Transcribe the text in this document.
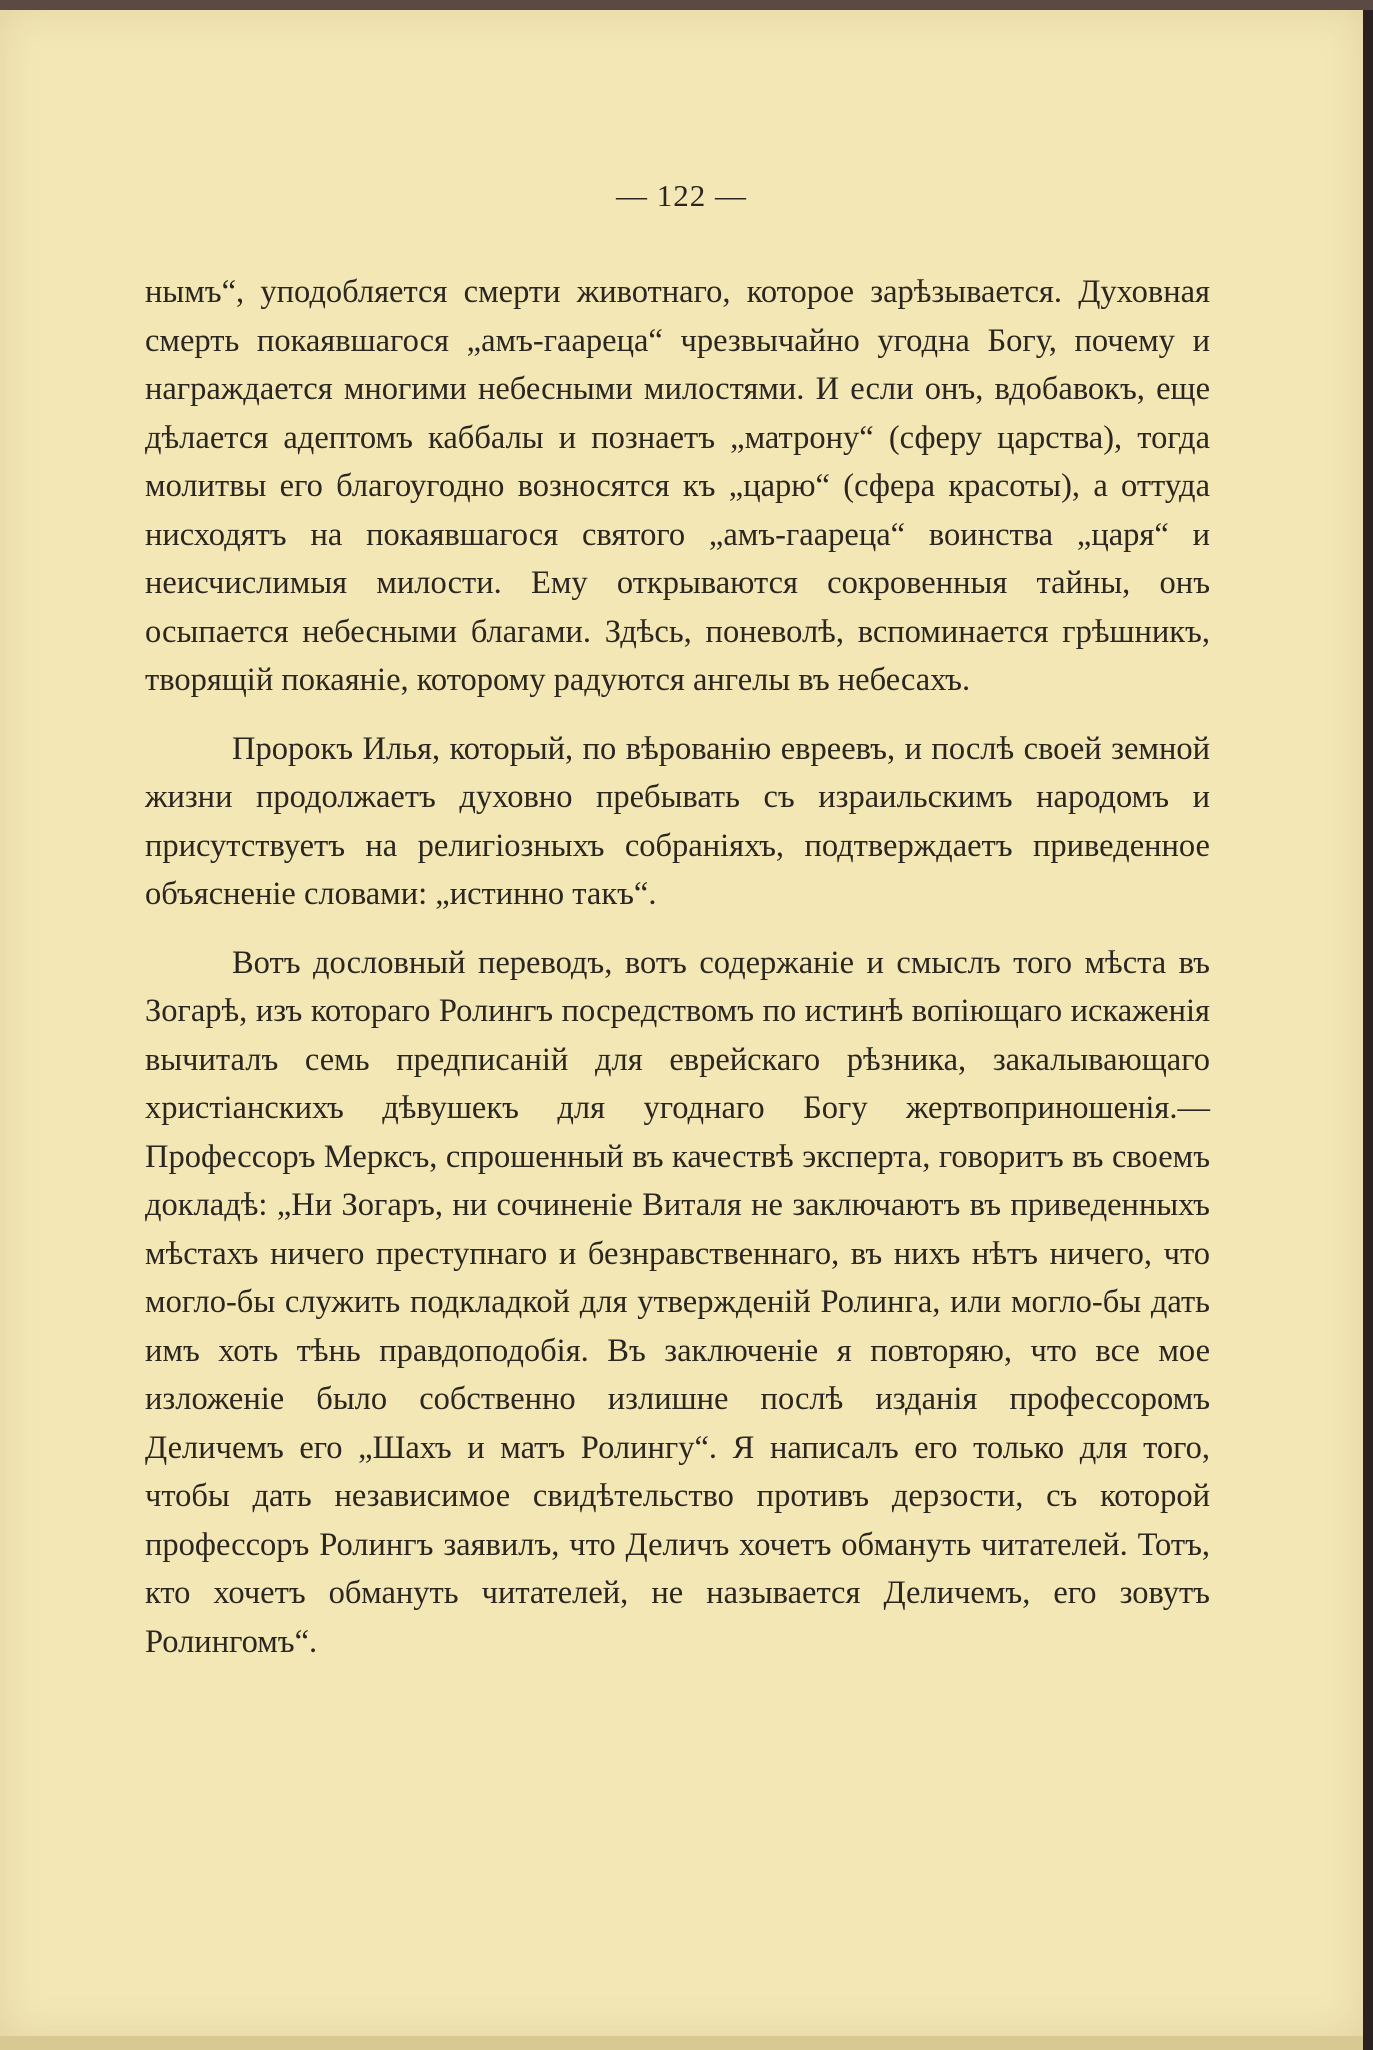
— 122 —

нымъ“, уподобляется смерти животнаго, которое зарѣзывается. Духовная смерть покаявшагося „амъ-гаареца“ чрезвычайно угодна Богу, почему и награждается многими небесными милостями. И если онъ, вдобавокъ, еще дѣлается адептомъ каббалы и познаетъ „матрону“ (сферу царства), тогда молитвы его благоугодно возносятся къ „царю“ (сфера красоты), а оттуда нисходятъ на покаявшагося святого „амъ-гаареца“ воинства „царя“ и неисчислимыя милости. Ему открываются сокровенныя тайны, онъ осыпается небесными благами. Здѣсь, поневолѣ, вспоминается грѣшникъ, творящій покаяніе, которому радуются ангелы въ небесахъ.

Пророкъ Илья, который, по вѣрованію евреевъ, и послѣ своей земной жизни продолжаетъ духовно пребывать съ израильскимъ народомъ и присутствуетъ на религіозныхъ собраніяхъ, подтверждаетъ приведенное объясненіе словами: „истинно такъ“.

Вотъ дословный переводъ, вотъ содержаніе и смыслъ того мѣста въ Зогарѣ, изъ котораго Ролингъ посредствомъ по истинѣ вопіющаго искаженія вычиталъ семь предписаній для еврейскаго рѣзника, закалывающаго христіанскихъ дѣвушекъ для угоднаго Богу жертвоприношенія.—Профессоръ Мерксъ, спрошенный въ качествѣ эксперта, говоритъ въ своемъ докладѣ: „Ни Зогаръ, ни сочиненіе Виталя не заключаютъ въ приведенныхъ мѣстахъ ничего преступнаго и безнравственнаго, въ нихъ нѣтъ ничего, что могло-бы служить подкладкой для утвержденій Ролинга, или могло-бы дать имъ хоть тѣнь правдоподобія. Въ заключеніе я повторяю, что все мое изложеніе было собственно излишне послѣ изданія профессоромъ Деличемъ его „Шахъ и матъ Ролингу“. Я написалъ его только для того, чтобы дать независимое свидѣтельство противъ дерзости, съ которой профессоръ Ролингъ заявилъ, что Деличъ хочетъ обмануть читателей. Тотъ, кто хочетъ обмануть читателей, не называется Деличемъ, его зовутъ Ролингомъ“.
